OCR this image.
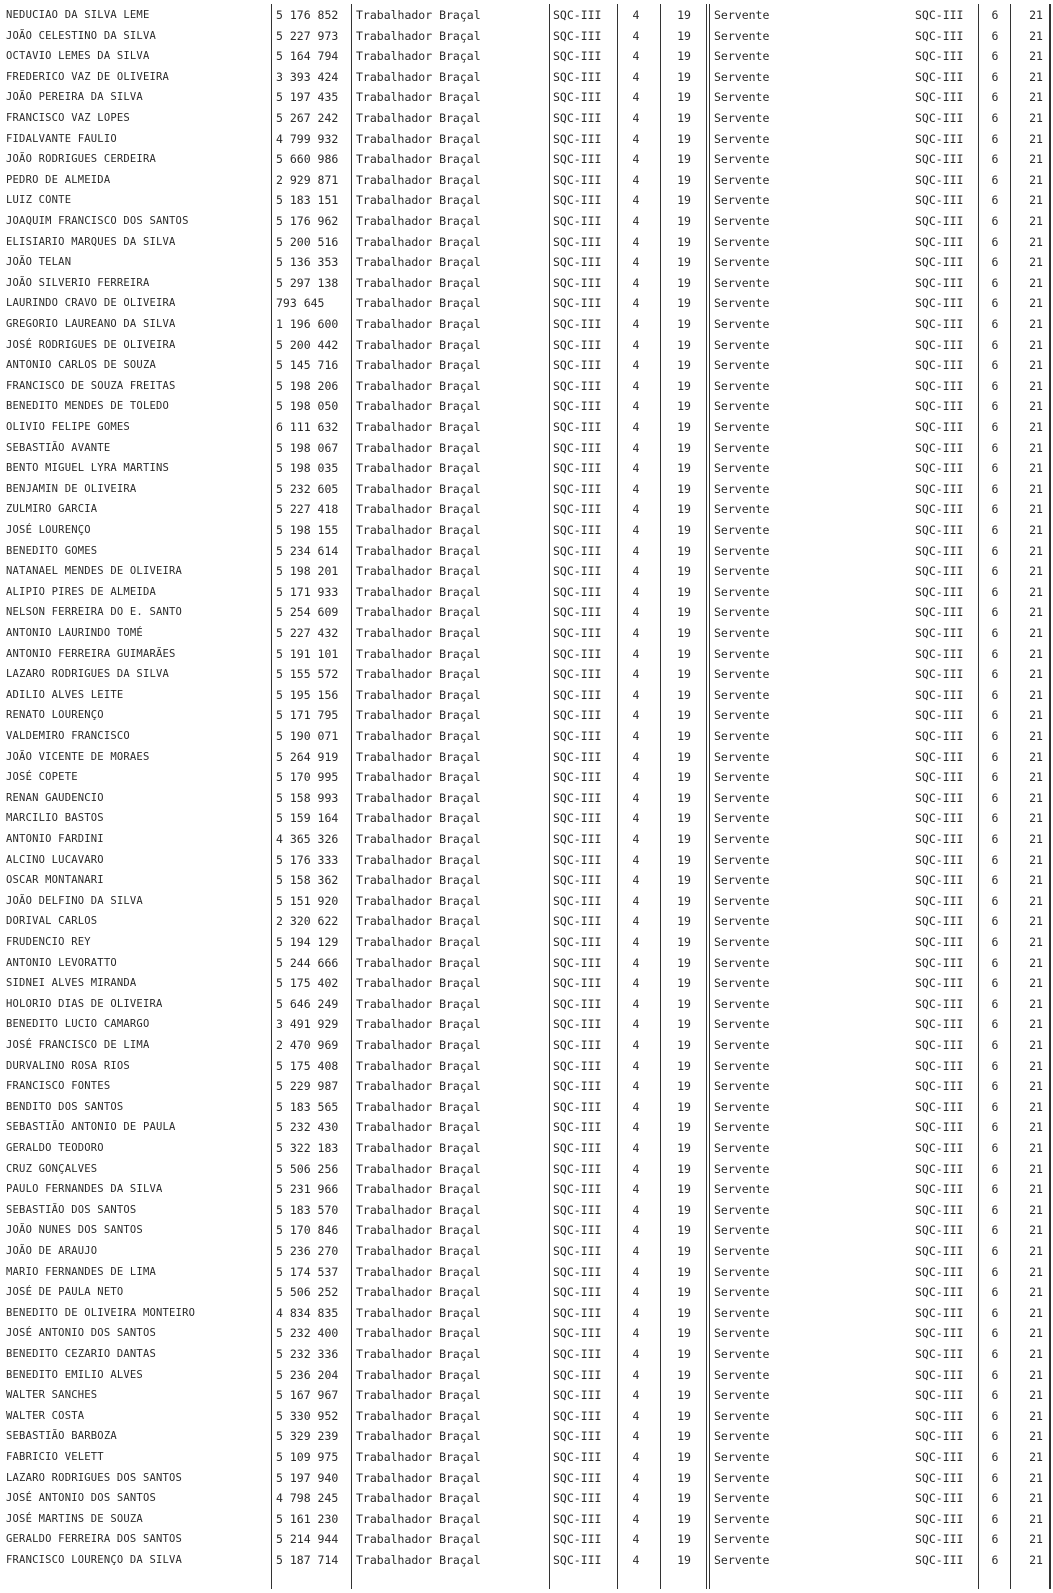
NEDUCIAO DA SILVA LEME	5 176 852	Trabalhador Braçal	SQC-III	4	19	Servente	SQC-III	6	21
JOÃO CELESTINO DA SILVA	5 227 973	Trabalhador Braçal	SQC-III	4	19	Servente	SQC-III	6	21
OCTAVIO LEMES DA SILVA	5 164 794	Trabalhador Braçal	SQC-III	4	19	Servente	SQC-III	6	21
FREDERICO VAZ DE OLIVEIRA	3 393 424	Trabalhador Braçal	SQC-III	4	19	Servente	SQC-III	6	21
JOÃO PEREIRA DA SILVA	5 197 435	Trabalhador Braçal	SQC-III	4	19	Servente	SQC-III	6	21
FRANCISCO VAZ LOPES	5 267 242	Trabalhador Braçal	SQC-III	4	19	Servente	SQC-III	6	21
FIDALVANTE FAULIO	4 799 932	Trabalhador Braçal	SQC-III	4	19	Servente	SQC-III	6	21
JOÃO RODRIGUES CERDEIRA	5 660 986	Trabalhador Braçal	SQC-III	4	19	Servente	SQC-III	6	21
PEDRO DE ALMEIDA	2 929 871	Trabalhador Braçal	SQC-III	4	19	Servente	SQC-III	6	21
LUIZ CONTE	5 183 151	Trabalhador Braçal	SQC-III	4	19	Servente	SQC-III	6	21
JOAQUIM FRANCISCO DOS SANTOS	5 176 962	Trabalhador Braçal	SQC-III	4	19	Servente	SQC-III	6	21
ELISIARIO MARQUES DA SILVA	5 200 516	Trabalhador Braçal	SQC-III	4	19	Servente	SQC-III	6	21
JOÃO TELAN	5 136 353	Trabalhador Braçal	SQC-III	4	19	Servente	SQC-III	6	21
JOÃO SILVERIO FERREIRA	5 297 138	Trabalhador Braçal	SQC-III	4	19	Servente	SQC-III	6	21
LAURINDO CRAVO DE OLIVEIRA	793 645	Trabalhador Braçal	SQC-III	4	19	Servente	SQC-III	6	21
GREGORIO LAUREANO DA SILVA	1 196 600	Trabalhador Braçal	SQC-III	4	19	Servente	SQC-III	6	21
JOSÉ RODRIGUES DE OLIVEIRA	5 200 442	Trabalhador Braçal	SQC-III	4	19	Servente	SQC-III	6	21
ANTONIO CARLOS DE SOUZA	5 145 716	Trabalhador Braçal	SQC-III	4	19	Servente	SQC-III	6	21
FRANCISCO DE SOUZA FREITAS	5 198 206	Trabalhador Braçal	SQC-III	4	19	Servente	SQC-III	6	21
BENEDITO MENDES DE TOLEDO	5 198 050	Trabalhador Braçal	SQC-III	4	19	Servente	SQC-III	6	21
OLIVIO FELIPE GOMES	6 111 632	Trabalhador Braçal	SQC-III	4	19	Servente	SQC-III	6	21
SEBASTIÃO AVANTE	5 198 067	Trabalhador Braçal	SQC-III	4	19	Servente	SQC-III	6	21
BENTO MIGUEL LYRA MARTINS	5 198 035	Trabalhador Braçal	SQC-III	4	19	Servente	SQC-III	6	21
BENJAMIN DE OLIVEIRA	5 232 605	Trabalhador Braçal	SQC-III	4	19	Servente	SQC-III	6	21
ZULMIRO GARCIA	5 227 418	Trabalhador Braçal	SQC-III	4	19	Servente	SQC-III	6	21
JOSÉ LOURENÇO	5 198 155	Trabalhador Braçal	SQC-III	4	19	Servente	SQC-III	6	21
BENEDITO GOMES	5 234 614	Trabalhador Braçal	SQC-III	4	19	Servente	SQC-III	6	21
NATANAEL MENDES DE OLIVEIRA	5 198 201	Trabalhador Braçal	SQC-III	4	19	Servente	SQC-III	6	21
ALIPIO PIRES DE ALMEIDA	5 171 933	Trabalhador Braçal	SQC-III	4	19	Servente	SQC-III	6	21
NELSON FERREIRA DO E. SANTO	5 254 609	Trabalhador Braçal	SQC-III	4	19	Servente	SQC-III	6	21
ANTONIO LAURINDO TOMÉ	5 227 432	Trabalhador Braçal	SQC-III	4	19	Servente	SQC-III	6	21
ANTONIO FERREIRA GUIMARÃES	5 191 101	Trabalhador Braçal	SQC-III	4	19	Servente	SQC-III	6	21
LAZARO RODRIGUES DA SILVA	5 155 572	Trabalhador Braçal	SQC-III	4	19	Servente	SQC-III	6	21
ADILIO ALVES LEITE	5 195 156	Trabalhador Braçal	SQC-III	4	19	Servente	SQC-III	6	21
RENATO LOURENÇO	5 171 795	Trabalhador Braçal	SQC-III	4	19	Servente	SQC-III	6	21
VALDEMIRO FRANCISCO	5 190 071	Trabalhador Braçal	SQC-III	4	19	Servente	SQC-III	6	21
JOÃO VICENTE DE MORAES	5 264 919	Trabalhador Braçal	SQC-III	4	19	Servente	SQC-III	6	21
JOSÉ COPETE	5 170 995	Trabalhador Braçal	SQC-III	4	19	Servente	SQC-III	6	21
RENAN GAUDENCIO	5 158 993	Trabalhador Braçal	SQC-III	4	19	Servente	SQC-III	6	21
MARCILIO BASTOS	5 159 164	Trabalhador Braçal	SQC-III	4	19	Servente	SQC-III	6	21
ANTONIO FARDINI	4 365 326	Trabalhador Braçal	SQC-III	4	19	Servente	SQC-III	6	21
ALCINO LUCAVARO	5 176 333	Trabalhador Braçal	SQC-III	4	19	Servente	SQC-III	6	21
OSCAR MONTANARI	5 158 362	Trabalhador Braçal	SQC-III	4	19	Servente	SQC-III	6	21
JOÃO DELFINO DA SILVA	5 151 920	Trabalhador Braçal	SQC-III	4	19	Servente	SQC-III	6	21
DORIVAL CARLOS	2 320 622	Trabalhador Braçal	SQC-III	4	19	Servente	SQC-III	6	21
FRUDENCIO REY	5 194 129	Trabalhador Braçal	SQC-III	4	19	Servente	SQC-III	6	21
ANTONIO LEVORATTO	5 244 666	Trabalhador Braçal	SQC-III	4	19	Servente	SQC-III	6	21
SIDNEI ALVES MIRANDA	5 175 402	Trabalhador Braçal	SQC-III	4	19	Servente	SQC-III	6	21
HOLORIO DIAS DE OLIVEIRA	5 646 249	Trabalhador Braçal	SQC-III	4	19	Servente	SQC-III	6	21
BENEDITO LUCIO CAMARGO	3 491 929	Trabalhador Braçal	SQC-III	4	19	Servente	SQC-III	6	21
JOSÉ FRANCISCO DE LIMA	2 470 969	Trabalhador Braçal	SQC-III	4	19	Servente	SQC-III	6	21
DURVALINO ROSA RIOS	5 175 408	Trabalhador Braçal	SQC-III	4	19	Servente	SQC-III	6	21
FRANCISCO FONTES	5 229 987	Trabalhador Braçal	SQC-III	4	19	Servente	SQC-III	6	21
BENDITO DOS SANTOS	5 183 565	Trabalhador Braçal	SQC-III	4	19	Servente	SQC-III	6	21
SEBASTIÃO ANTONIO DE PAULA	5 232 430	Trabalhador Braçal	SQC-III	4	19	Servente	SQC-III	6	21
GERALDO TEODORO	5 322 183	Trabalhador Braçal	SQC-III	4	19	Servente	SQC-III	6	21
CRUZ GONÇALVES	5 506 256	Trabalhador Braçal	SQC-III	4	19	Servente	SQC-III	6	21
PAULO FERNANDES DA SILVA	5 231 966	Trabalhador Braçal	SQC-III	4	19	Servente	SQC-III	6	21
SEBASTIÃO DOS SANTOS	5 183 570	Trabalhador Braçal	SQC-III	4	19	Servente	SQC-III	6	21
JOÃO NUNES DOS SANTOS	5 170 846	Trabalhador Braçal	SQC-III	4	19	Servente	SQC-III	6	21
JOÃO DE ARAUJO	5 236 270	Trabalhador Braçal	SQC-III	4	19	Servente	SQC-III	6	21
MARIO FERNANDES DE LIMA	5 174 537	Trabalhador Braçal	SQC-III	4	19	Servente	SQC-III	6	21
JOSÉ DE PAULA NETO	5 506 252	Trabalhador Braçal	SQC-III	4	19	Servente	SQC-III	6	21
BENEDITO DE OLIVEIRA MONTEIRO	4 834 835	Trabalhador Braçal	SQC-III	4	19	Servente	SQC-III	6	21
JOSÉ ANTONIO DOS SANTOS	5 232 400	Trabalhador Braçal	SQC-III	4	19	Servente	SQC-III	6	21
BENEDITO CEZARIO DANTAS	5 232 336	Trabalhador Braçal	SQC-III	4	19	Servente	SQC-III	6	21
BENEDITO EMILIO ALVES	5 236 204	Trabalhador Braçal	SQC-III	4	19	Servente	SQC-III	6	21
WALTER SANCHES	5 167 967	Trabalhador Braçal	SQC-III	4	19	Servente	SQC-III	6	21
WALTER COSTA	5 330 952	Trabalhador Braçal	SQC-III	4	19	Servente	SQC-III	6	21
SEBASTIÃO BARBOZA	5 329 239	Trabalhador Braçal	SQC-III	4	19	Servente	SQC-III	6	21
FABRICIO VELETT	5 109 975	Trabalhador Braçal	SQC-III	4	19	Servente	SQC-III	6	21
LAZARO RODRIGUES DOS SANTOS	5 197 940	Trabalhador Braçal	SQC-III	4	19	Servente	SQC-III	6	21
JOSÉ ANTONIO DOS SANTOS	4 798 245	Trabalhador Braçal	SQC-III	4	19	Servente	SQC-III	6	21
JOSÉ MARTINS DE SOUZA	5 161 230	Trabalhador Braçal	SQC-III	4	19	Servente	SQC-III	6	21
GERALDO FERREIRA DOS SANTOS	5 214 944	Trabalhador Braçal	SQC-III	4	19	Servente	SQC-III	6	21
FRANCISCO LOURENÇO DA SILVA	5 187 714	Trabalhador Braçal	SQC-III	4	19	Servente	SQC-III	6	21
